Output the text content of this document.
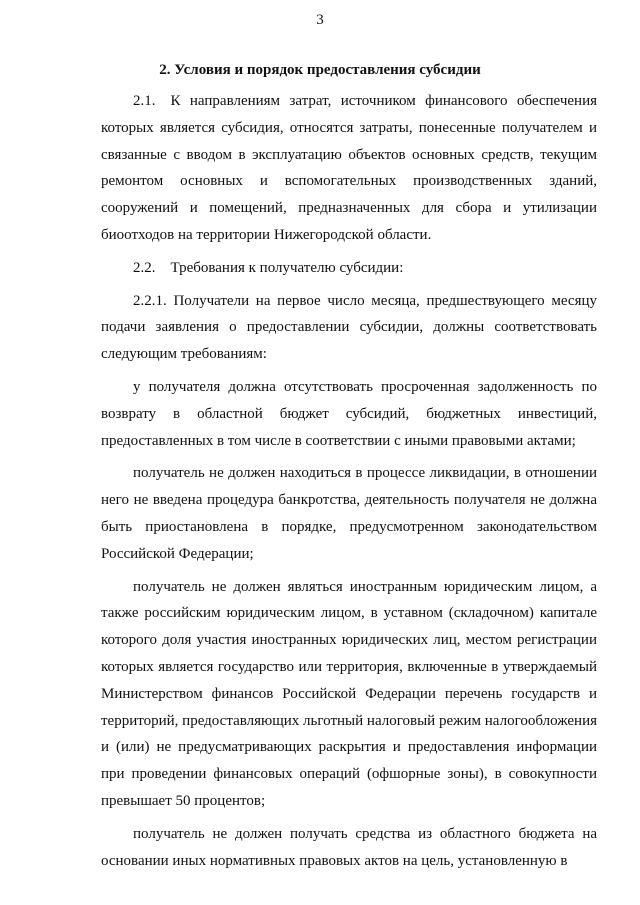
3
2. Условия и порядок предоставления субсидии

2.1. К направлениям затрат, источником финансового обеспечения которых является субсидия, относятся затраты, понесенные получателем и связанные с вводом в эксплуатацию объектов основных средств, текущим ремонтом основных и вспомогательных производственных зданий, сооружений и помещений, предназначенных для сбора и утилизации биоотходов на территории Нижегородской области.

2.2. Требования к получателю субсидии:

2.2.1. Получатели на первое число месяца, предшествующего месяцу подачи заявления о предоставлении субсидии, должны соответствовать следующим требованиям:

у получателя должна отсутствовать просроченная задолженность по возврату в областной бюджет субсидий, бюджетных инвестиций, предоставленных в том числе в соответствии с иными правовыми актами;

получатель не должен находиться в процессе ликвидации, в отношении него не введена процедура банкротства, деятельность получателя не должна быть приостановлена в порядке, предусмотренном законодательством Российской Федерации;

получатель не должен являться иностранным юридическим лицом, а также российским юридическим лицом, в уставном (складочном) капитале которого доля участия иностранных юридических лиц, местом регистрации которых является государство или территория, включенные в утверждаемый Министерством финансов Российской Федерации перечень государств и территорий, предоставляющих льготный налоговый режим налогообложения и (или) не предусматривающих раскрытия и предоставления информации при проведении финансовых операций (офшорные зоны), в совокупности превышает 50 процентов;

получатель не должен получать средства из областного бюджета на основании иных нормативных правовых актов на цель, установленную в
